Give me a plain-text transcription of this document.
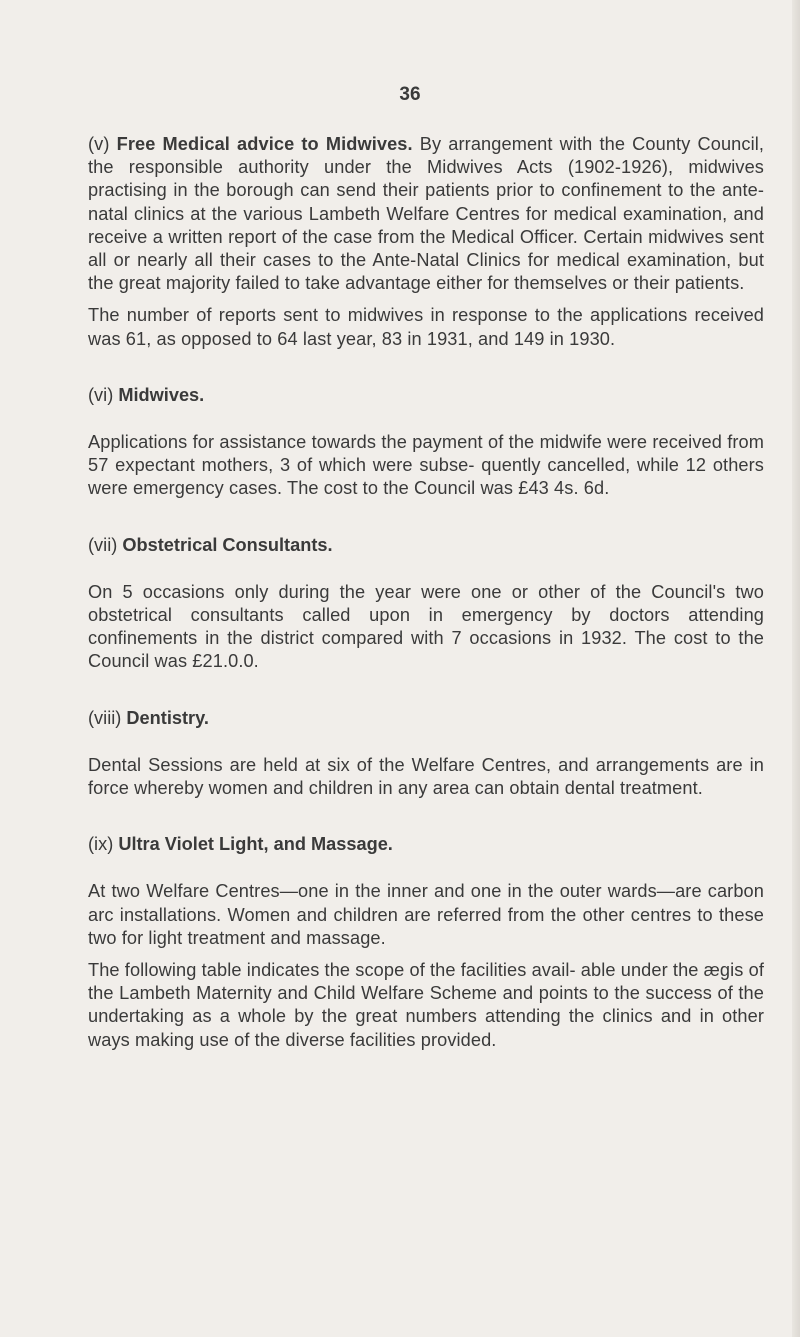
36

(v) Free Medical advice to Midwives. By arrangement with the County Council, the responsible authority under the Midwives Acts (1902-1926), midwives practising in the borough can send their patients prior to confinement to the ante-natal clinics at the various Lambeth Welfare Centres for medical examination, and receive a written report of the case from the Medical Officer. Certain midwives sent all or nearly all their cases to the Ante-Natal Clinics for medical examination, but the great majority failed to take advantage either for themselves or their patients.

The number of reports sent to midwives in response to the applications received was 61, as opposed to 64 last year, 83 in 1931, and 149 in 1930.

(vi) Midwives.

Applications for assistance towards the payment of the midwife were received from 57 expectant mothers, 3 of which were subse- quently cancelled, while 12 others were emergency cases. The cost to the Council was £43 4s. 6d.

(vii) Obstetrical Consultants.

On 5 occasions only during the year were one or other of the Council's two obstetrical consultants called upon in emergency by doctors attending confinements in the district compared with 7 occasions in 1932. The cost to the Council was £21.0.0.

(viii) Dentistry.

Dental Sessions are held at six of the Welfare Centres, and arrangements are in force whereby women and children in any area can obtain dental treatment.

(ix) Ultra Violet Light, and Massage.

At two Welfare Centres—one in the inner and one in the outer wards—are carbon arc installations. Women and children are referred from the other centres to these two for light treatment and massage.

The following table indicates the scope of the facilities avail- able under the ægis of the Lambeth Maternity and Child Welfare Scheme and points to the success of the undertaking as a whole by the great numbers attending the clinics and in other ways making use of the diverse facilities provided.
